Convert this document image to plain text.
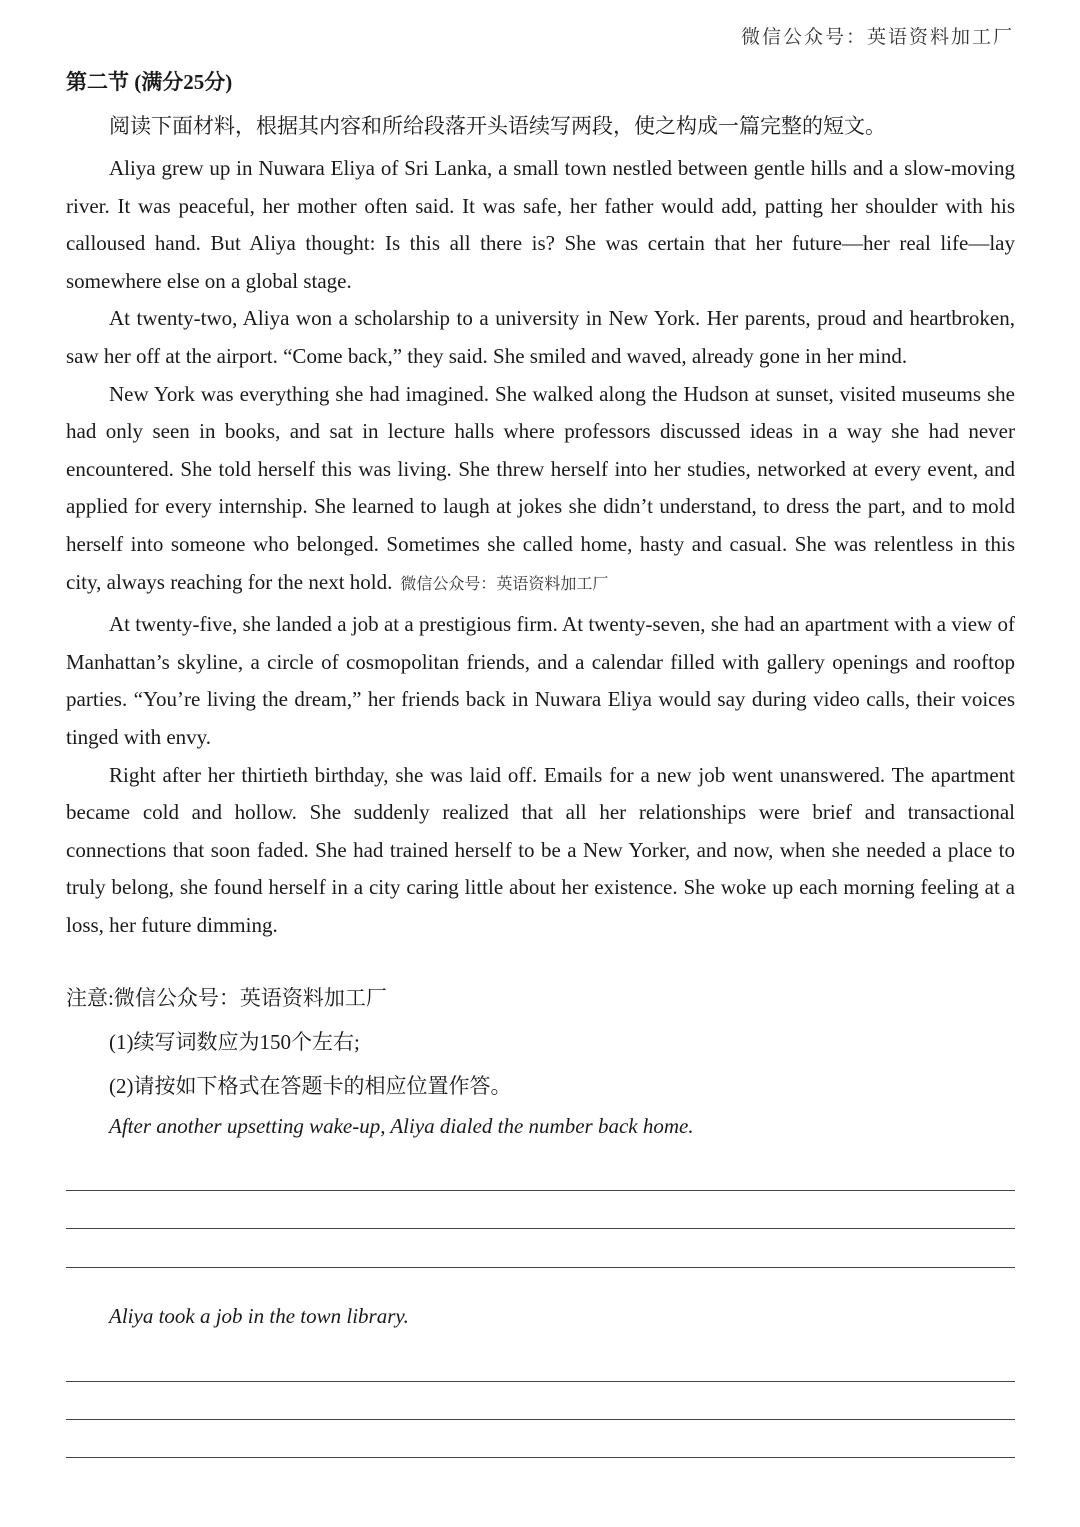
微信公众号：英语资料加工厂
第二节 (满分25分)
阅读下面材料，根据其内容和所给段落开头语续写两段，使之构成一篇完整的短文。

Aliya grew up in Nuwara Eliya of Sri Lanka, a small town nestled between gentle hills and a slow-moving river. It was peaceful, her mother often said. It was safe, her father would add, patting her shoulder with his calloused hand. But Aliya thought: Is this all there is? She was certain that her future—her real life—lay somewhere else on a global stage.

At twenty-two, Aliya won a scholarship to a university in New York. Her parents, proud and heartbroken, saw her off at the airport. “Come back,” they said. She smiled and waved, already gone in her mind.

New York was everything she had imagined. She walked along the Hudson at sunset, visited museums she had only seen in books, and sat in lecture halls where professors discussed ideas in a way she had never encountered. She told herself this was living. She threw herself into her studies, networked at every event, and applied for every internship. She learned to laugh at jokes she didn’t understand, to dress the part, and to mold herself into someone who belonged. Sometimes she called home, hasty and casual. She was relentless in this city, always reaching for the next hold. 微信公众号：英语资料加工厂

At twenty-five, she landed a job at a prestigious firm. At twenty-seven, she had an apartment with a view of Manhattan’s skyline, a circle of cosmopolitan friends, and a calendar filled with gallery openings and rooftop parties. “You’re living the dream,” her friends back in Nuwara Eliya would say during video calls, their voices tinged with envy.

Right after her thirtieth birthday, she was laid off. Emails for a new job went unanswered. The apartment became cold and hollow. She suddenly realized that all her relationships were brief and transactional connections that soon faded. She had trained herself to be a New Yorker, and now, when she needed a place to truly belong, she found herself in a city caring little about her existence. She woke up each morning feeling at a loss, her future dimming.

注意:微信公众号：英语资料加工厂
(1)续写词数应为150个左右;
(2)请按如下格式在答题卡的相应位置作答。
After another upsetting wake-up, Aliya dialed the number back home.
Aliya took a job in the town library.
